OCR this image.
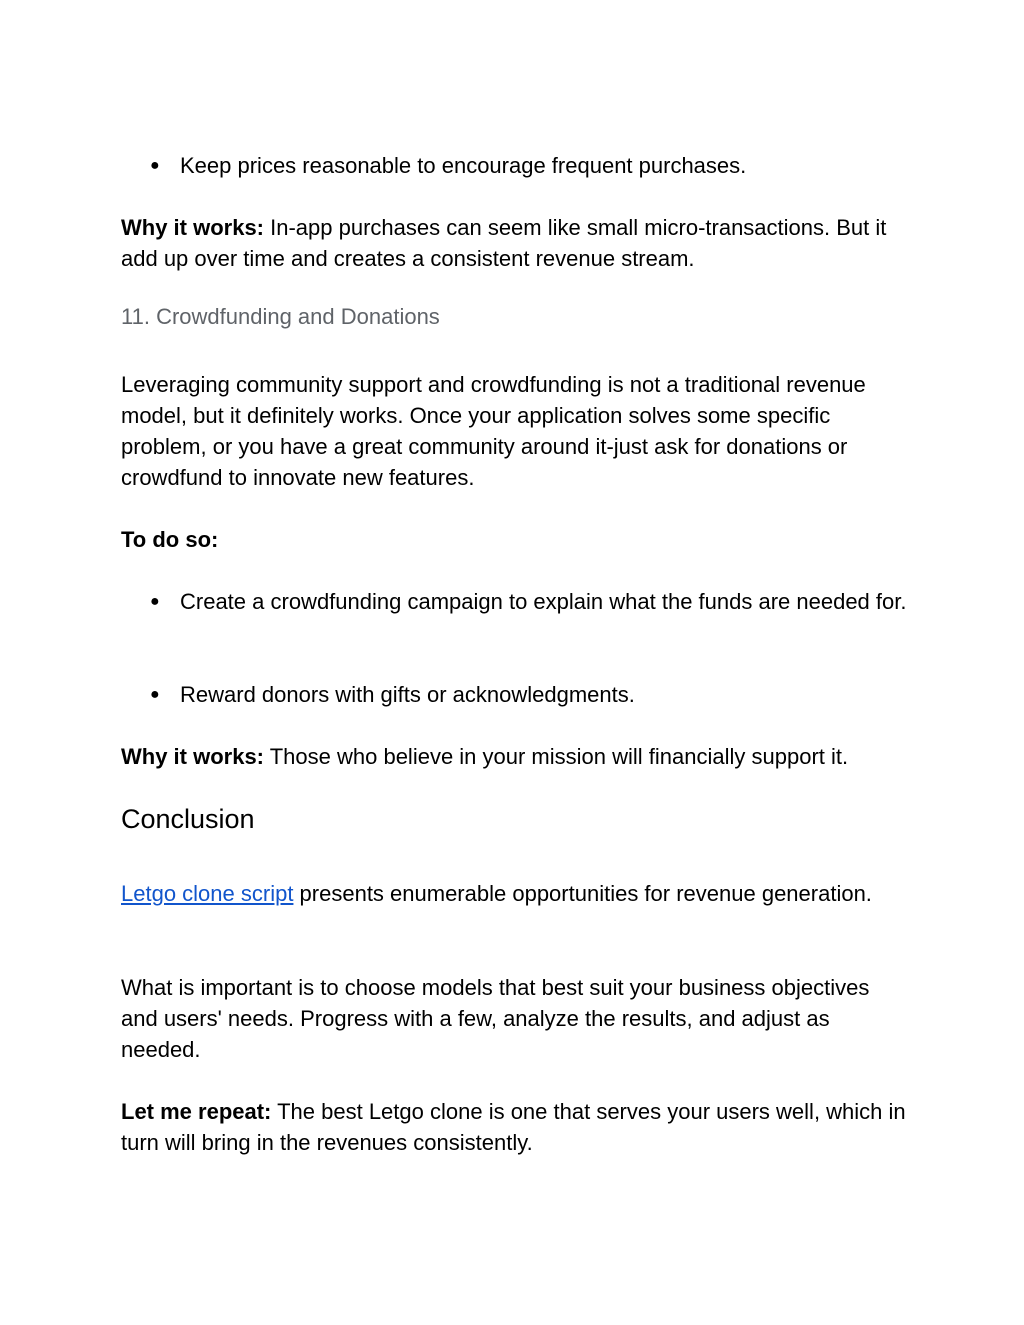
● Keep prices reasonable to encourage frequent purchases.

Why it works: In-app purchases can seem like small micro-transactions. But it add up over time and creates a consistent revenue stream.

11. Crowdfunding and Donations

Leveraging community support and crowdfunding is not a traditional revenue model, but it definitely works. Once your application solves some specific problem, or you have a great community around it-just ask for donations or crowdfund to innovate new features.

To do so:

● Create a crowdfunding campaign to explain what the funds are needed for.
● Reward donors with gifts or acknowledgments.

Why it works: Those who believe in your mission will financially support it.

Conclusion

Letgo clone script presents enumerable opportunities for revenue generation.

What is important is to choose models that best suit your business objectives and users' needs. Progress with a few, analyze the results, and adjust as needed.

Let me repeat: The best Letgo clone is one that serves your users well, which in turn will bring in the revenues consistently.
